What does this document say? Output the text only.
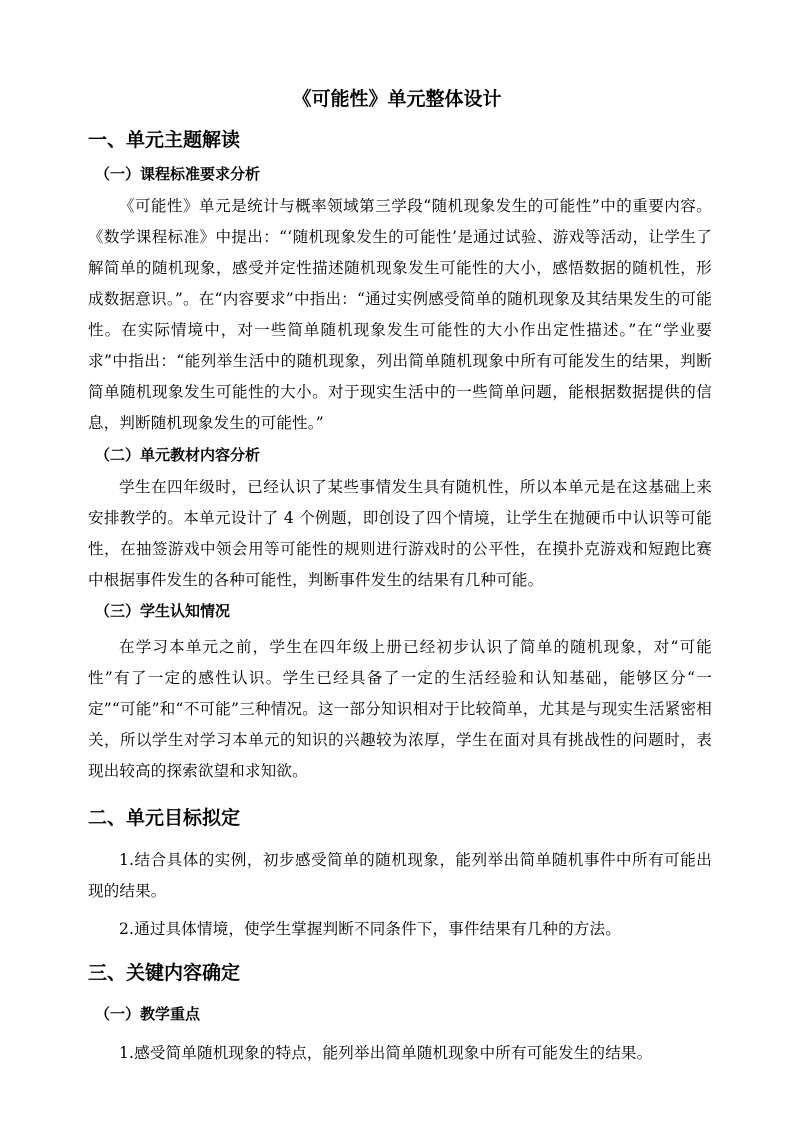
《可能性》单元整体设计
一、单元主题解读
（一）课程标准要求分析
《可能性》单元是统计与概率领域第三学段“随机现象发生的可能性”中的重要内容。《数学课程标准》中提出：“‘随机现象发生的可能性’是通过试验、游戏等活动，让学生了解简单的随机现象，感受并定性描述随机现象发生可能性的大小，感悟数据的随机性，形成数据意识。”。在“内容要求”中指出：“通过实例感受简单的随机现象及其结果发生的可能性。在实际情境中，对一些简单随机现象发生可能性的大小作出定性描述。”在“学业要求”中指出：“能列举生活中的随机现象，列出简单随机现象中所有可能发生的结果，判断简单随机现象发生可能性的大小。对于现实生活中的一些简单问题，能根据数据提供的信息，判断随机现象发生的可能性。”
（二）单元教材内容分析
学生在四年级时，已经认识了某些事情发生具有随机性，所以本单元是在这基础上来安排教学的。本单元设计了 4 个例题，即创设了四个情境，让学生在抛硬币中认识等可能性，在抽签游戏中领会用等可能性的规则进行游戏时的公平性，在摸扑克游戏和短跑比赛中根据事件发生的各种可能性，判断事件发生的结果有几种可能。
（三）学生认知情况
在学习本单元之前，学生在四年级上册已经初步认识了简单的随机现象，对“可能性”有了一定的感性认识。学生已经具备了一定的生活经验和认知基础，能够区分“一定”“可能”和“不可能”三种情况。这一部分知识相对于比较简单，尤其是与现实生活紧密相关，所以学生对学习本单元的知识的兴趣较为浓厚，学生在面对具有挑战性的问题时，表现出较高的探索欲望和求知欲。
二、单元目标拟定
1.结合具体的实例，初步感受简单的随机现象，能列举出简单随机事件中所有可能出现的结果。
2.通过具体情境，使学生掌握判断不同条件下，事件结果有几种的方法。
三、关键内容确定
（一）教学重点
1.感受简单随机现象的特点，能列举出简单随机现象中所有可能发生的结果。
